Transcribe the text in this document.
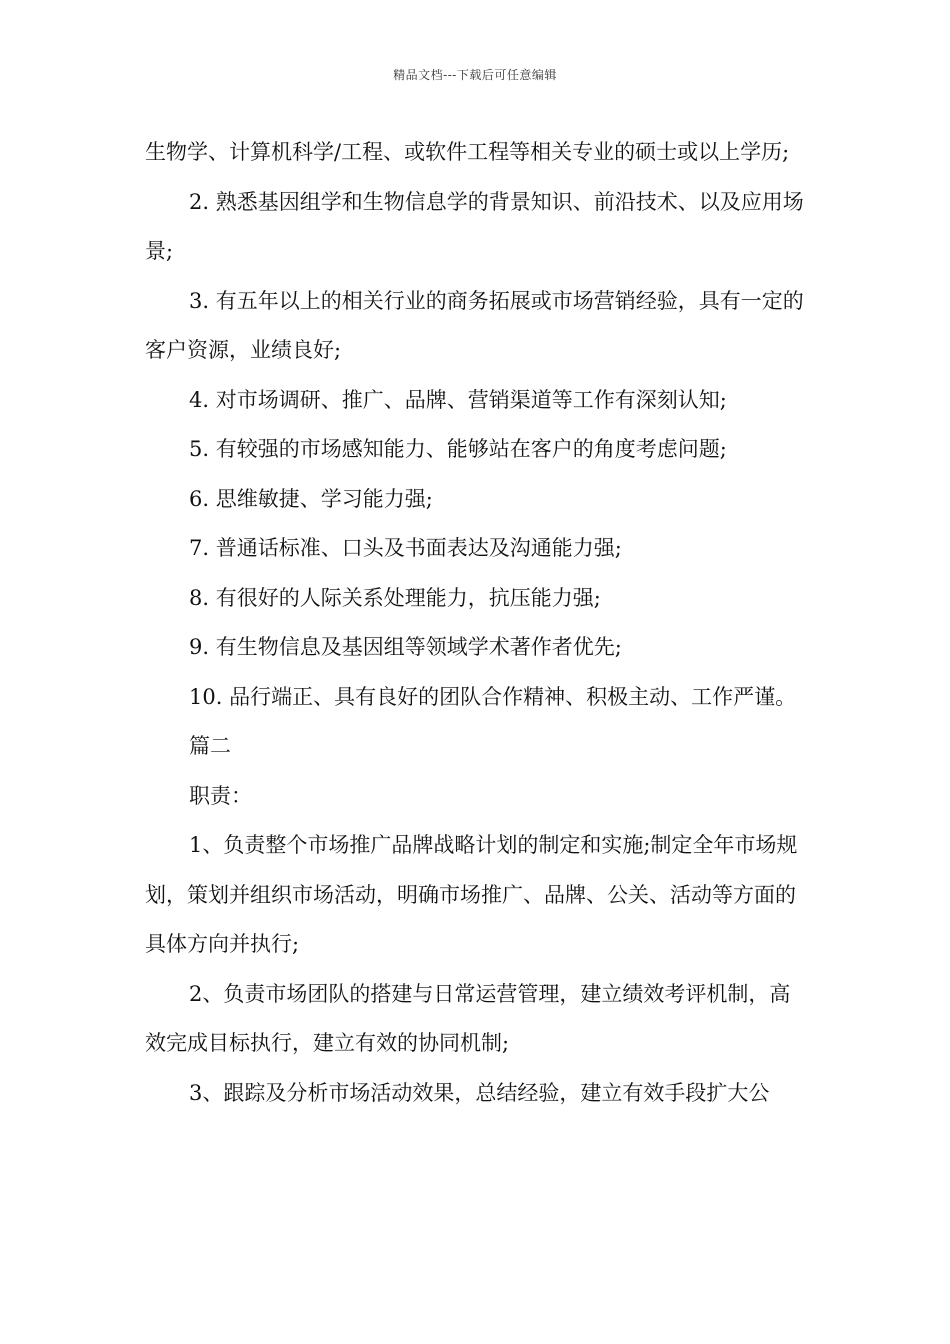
精品文档---下载后可任意编辑

生物学、计算机科学/工程、或软件工程等相关专业的硕士或以上学历;

2. 熟悉基因组学和生物信息学的背景知识、前沿技术、以及应用场景;

3. 有五年以上的相关行业的商务拓展或市场营销经验，具有一定的客户资源，业绩良好;

4. 对市场调研、推广、品牌、营销渠道等工作有深刻认知;

5. 有较强的市场感知能力、能够站在客户的角度考虑问题;

6. 思维敏捷、学习能力强;

7. 普通话标准、口头及书面表达及沟通能力强;

8. 有很好的人际关系处理能力，抗压能力强;

9. 有生物信息及基因组等领域学术著作者优先;

10. 品行端正、具有良好的团队合作精神、积极主动、工作严谨。

篇二

职责：

1、负责整个市场推广品牌战略计划的制定和实施;制定全年市场规划，策划并组织市场活动，明确市场推广、品牌、公关、活动等方面的具体方向并执行;

2、负责市场团队的搭建与日常运营管理，建立绩效考评机制，高效完成目标执行，建立有效的协同机制;

3、跟踪及分析市场活动效果，总结经验，建立有效手段扩大公
